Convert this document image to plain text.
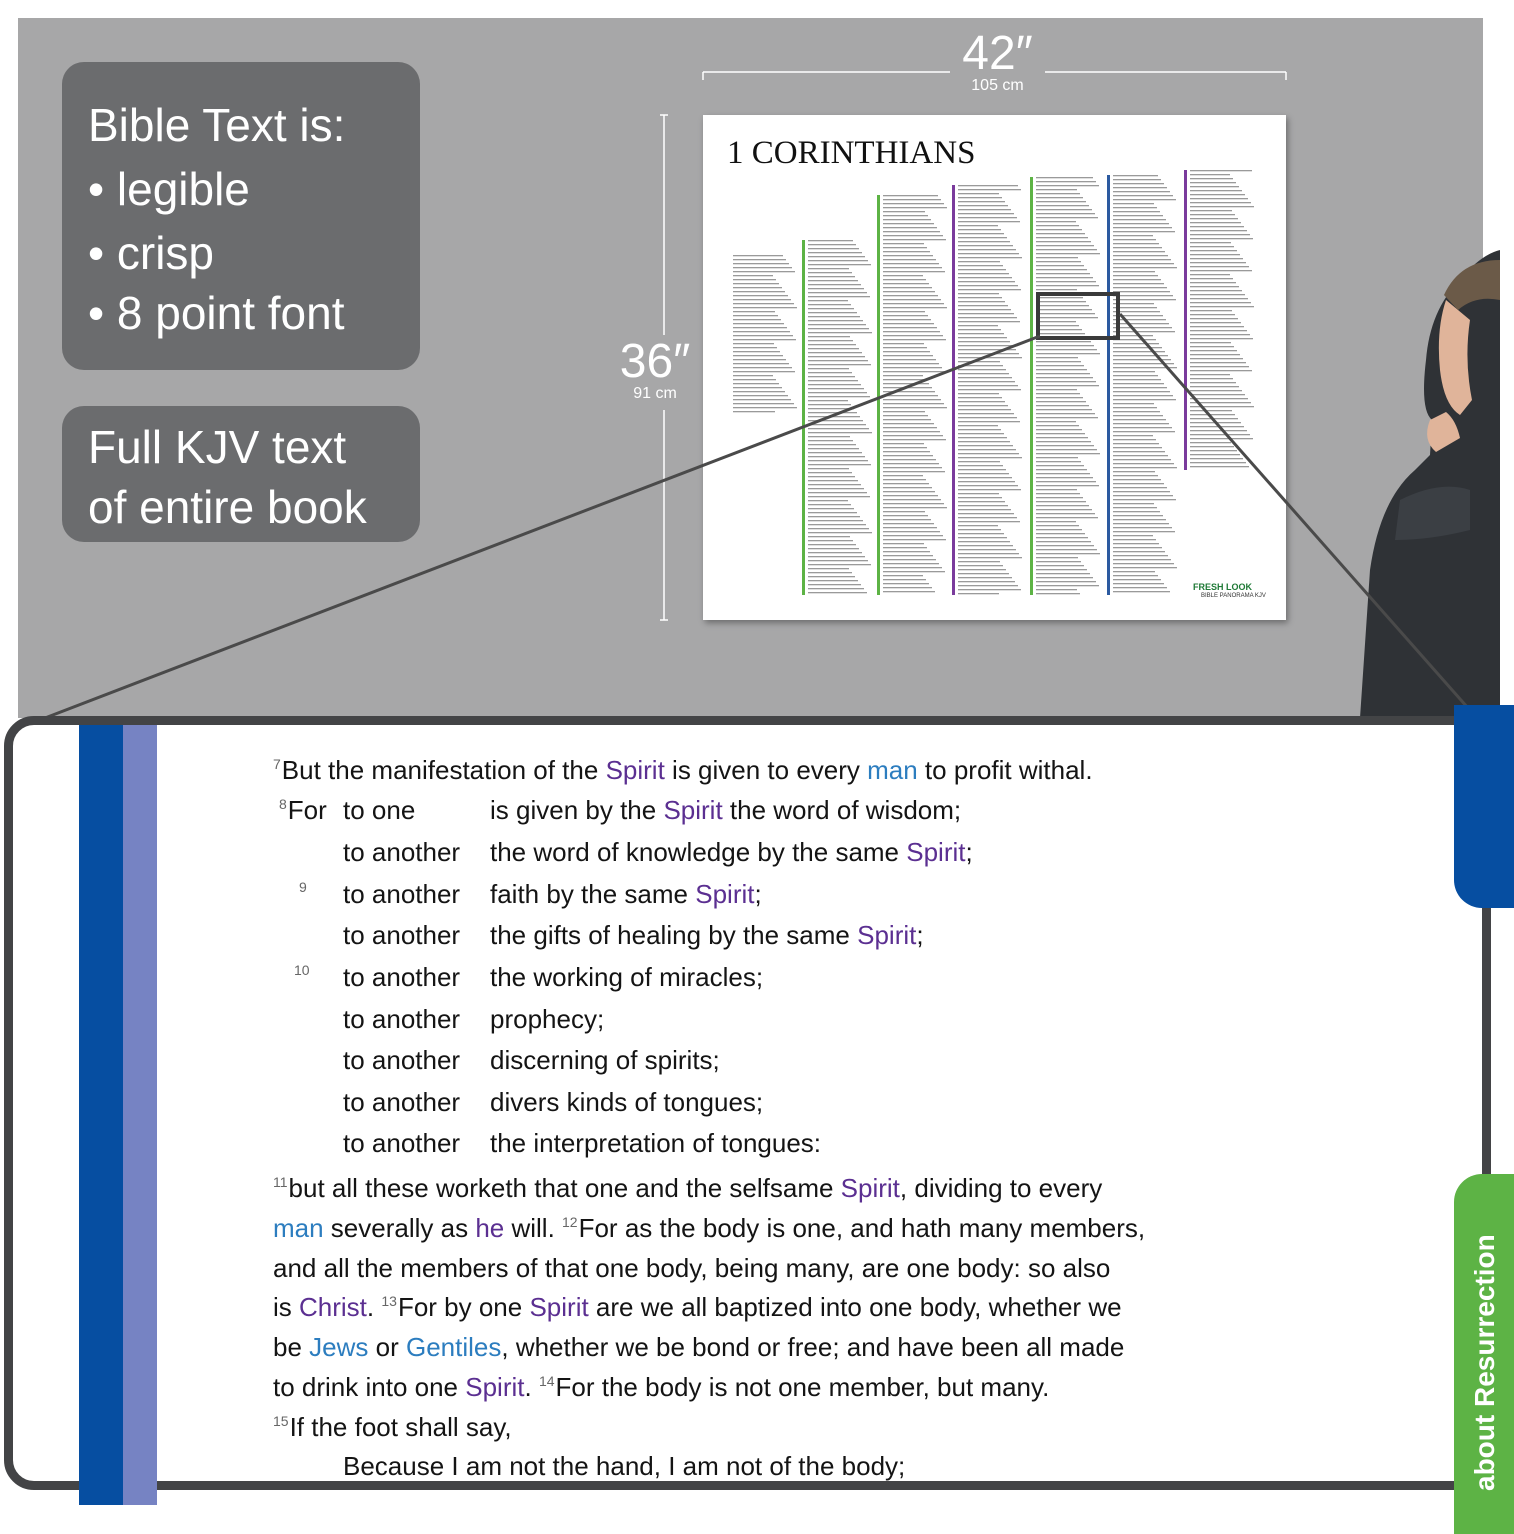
Bible Text is:
• legible
• crisp
• 8 point font
Full KJV text
of entire book
42″
105 cm
36″
91 cm
1 CORINTHIANS
FRESH LOOK
BIBLE PANORAMA KJV
about Resurrection
$^7$But the manifestation of the Spirit is given to every man to profit withal.
$^8$For to one	is given by the Spirit the word of wisdom;
to another the word of knowledge by the same Spirit;
9 to another faith by the same Spirit;
to another the gifts of healing by the same Spirit;
10 to another the working of miracles;
to another prophecy;
to another discerning of spirits;
to another divers kinds of tongues;
to another the interpretation of tongues:
$^{11}$but all these worketh that one and the selfsame Spirit, dividing to every
man severally as he will. $^{12}$For as the body is one, and hath many members,
and all the members of that one body, being many, are one body: so also
is Christ. $^{13}$For by one Spirit are we all baptized into one body, whether we
be Jews or Gentiles, whether we be bond or free; and have been all made
to drink into one Spirit. $^{14}$For the body is not one member, but many.
$^{15}$If the foot shall say,
Because I am not the hand, I am not of the body;
